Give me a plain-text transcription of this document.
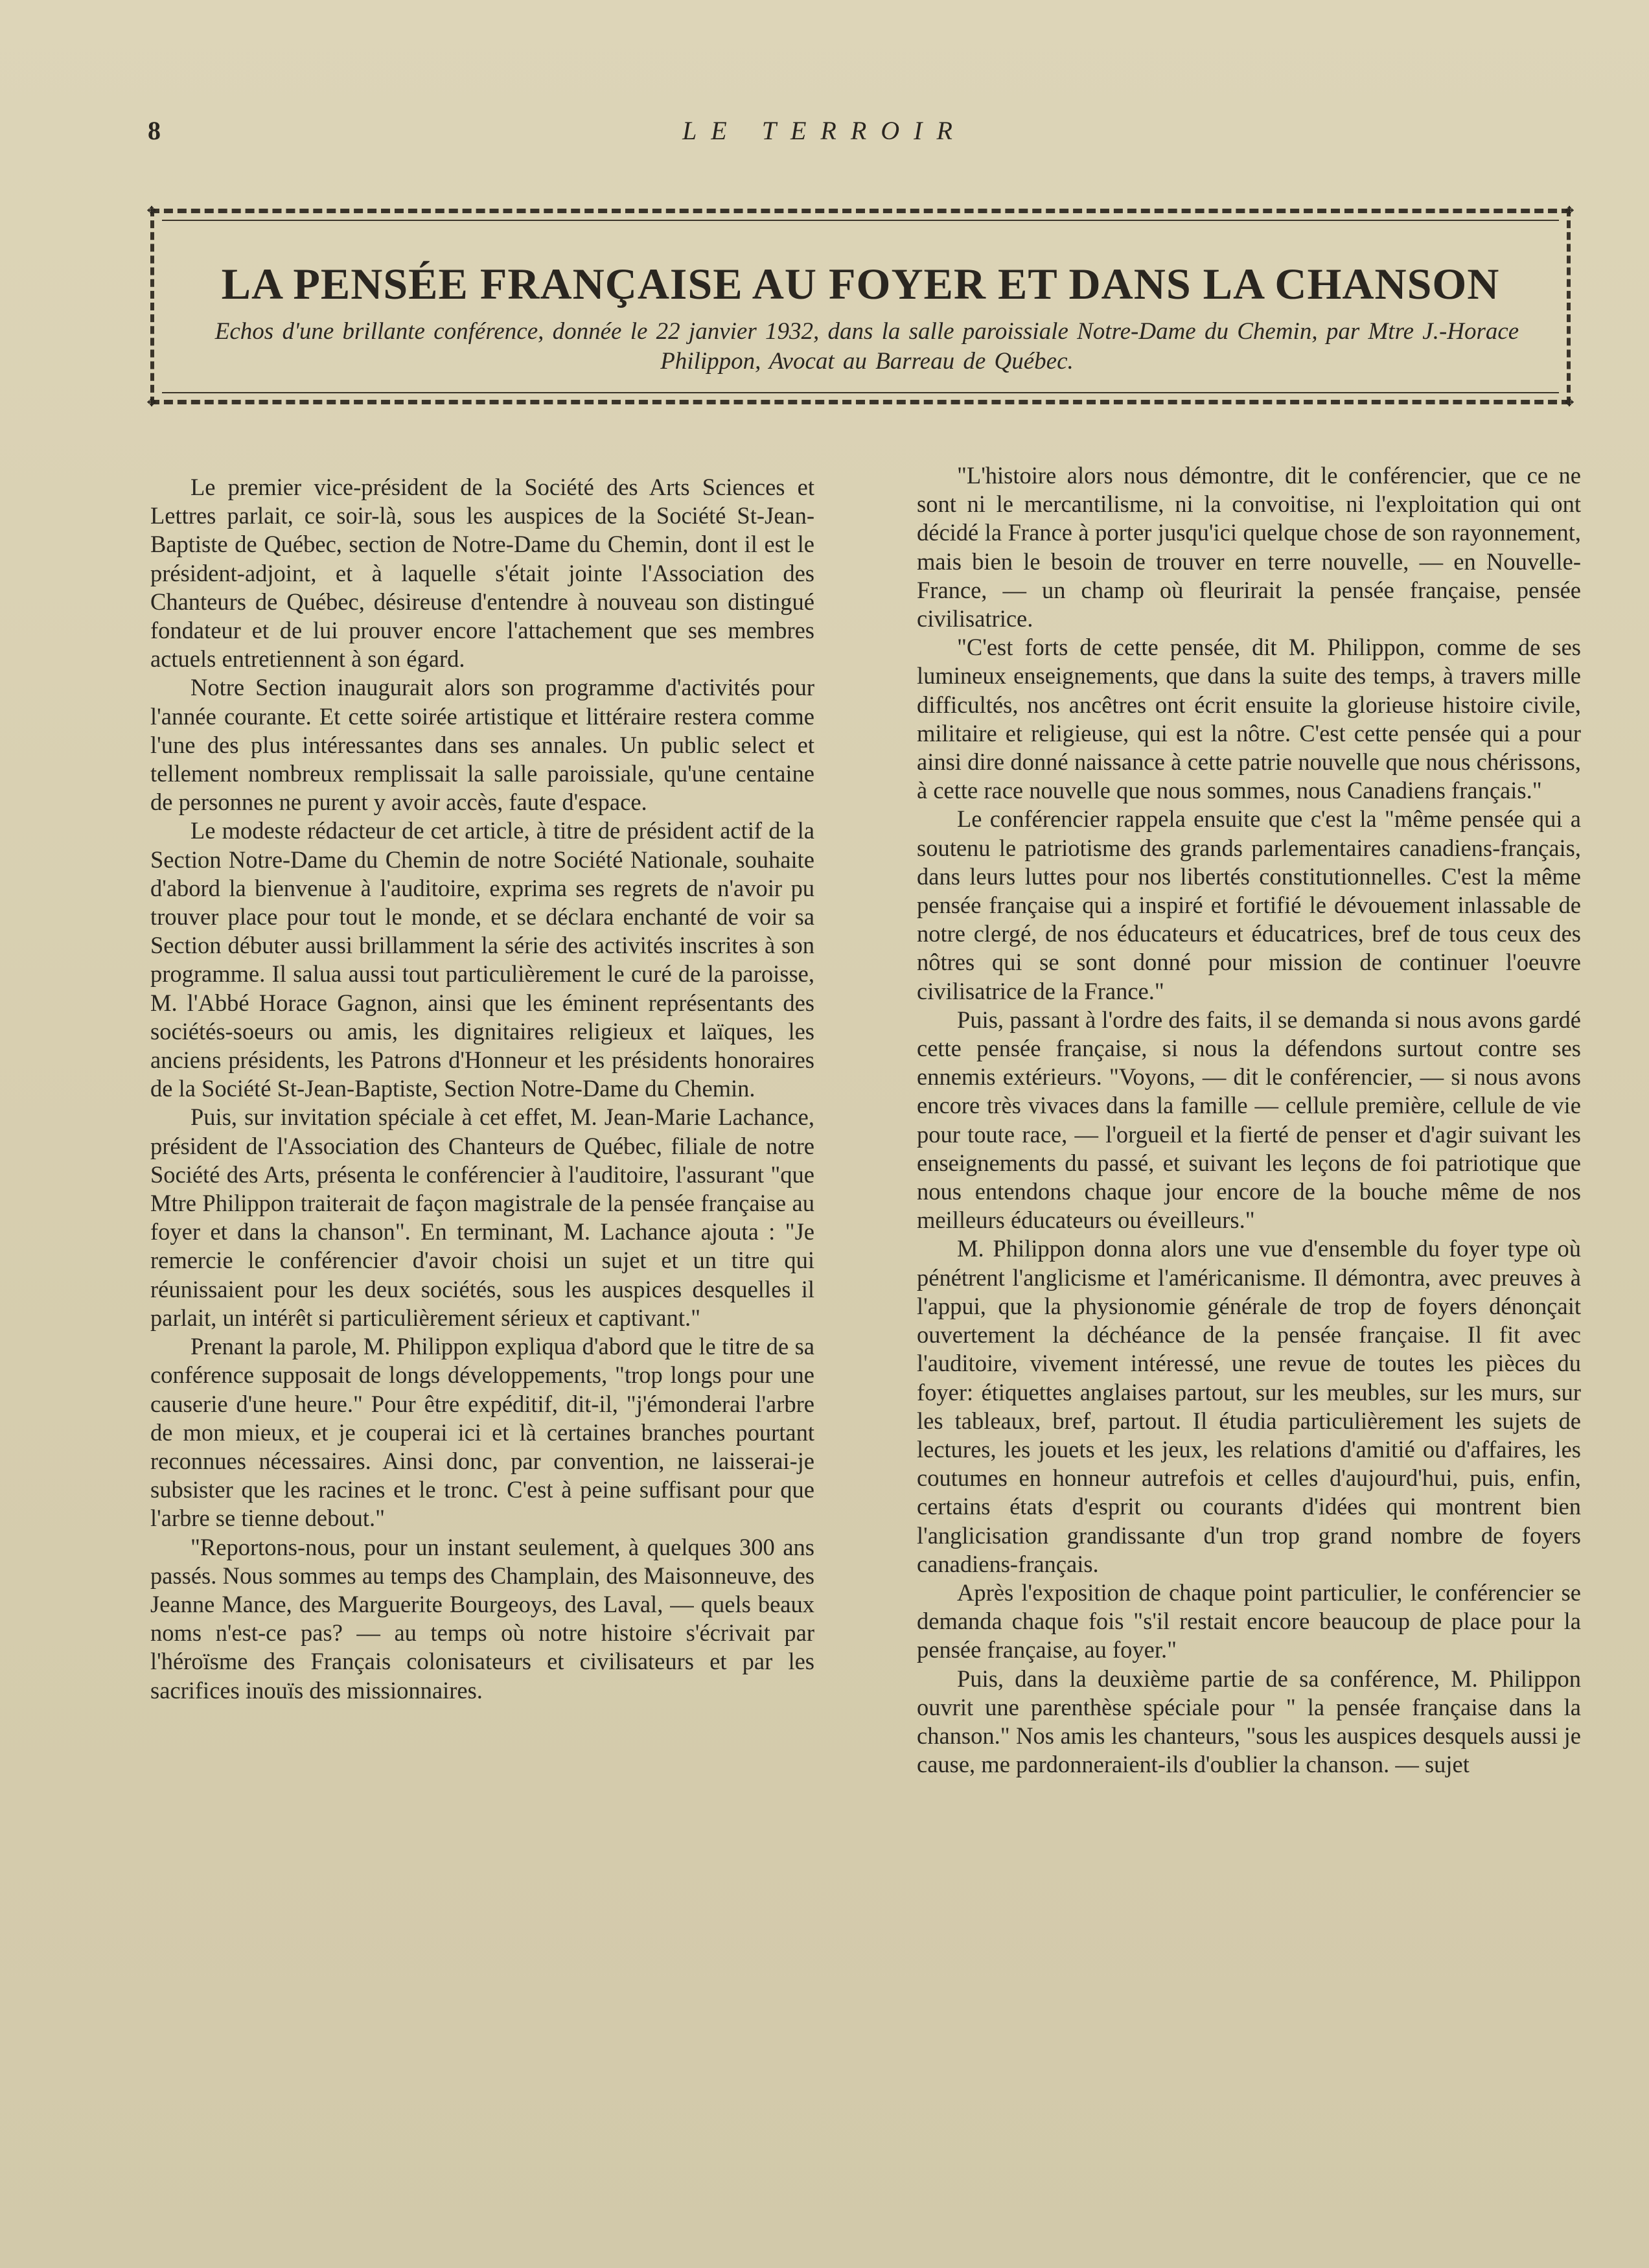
8	LE TERROIR
✥	✥
✥	✥
LA PENSÉE FRANÇAISE AU FOYER ET DANS LA CHANSON

Echos d'une brillante conférence, donnée le 22 janvier 1932, dans la salle paroissiale Notre-Dame du Chemin, par Mtre J.-Horace Philippon, Avocat au Barreau de Québec.

Le premier vice-président de la Société des Arts Sciences et Lettres parlait, ce soir-là, sous les auspices de la Société St-Jean-Baptiste de Québec, section de Notre-Dame du Chemin, dont il est le président-adjoint, et à laquelle s'était jointe l'Association des Chanteurs de Québec, désireuse d'entendre à nouveau son distingué fondateur et de lui prouver encore l'attachement que ses membres actuels entretiennent à son égard.

Notre Section inaugurait alors son programme d'activités pour l'année courante. Et cette soirée artistique et littéraire restera comme l'une des plus intéressantes dans ses annales. Un public select et tellement nombreux remplissait la salle paroissiale, qu'une centaine de personnes ne purent y avoir accès, faute d'espace.

Le modeste rédacteur de cet article, à titre de président actif de la Section Notre-Dame du Chemin de notre Société Nationale, souhaite d'abord la bienvenue à l'auditoire, exprima ses regrets de n'avoir pu trouver place pour tout le monde, et se déclara enchanté de voir sa Section débuter aussi brillamment la série des activités inscrites à son programme. Il salua aussi tout particulièrement le curé de la paroisse, M. l'Abbé Horace Gagnon, ainsi que les éminent représentants des sociétés-soeurs ou amis, les dignitaires religieux et laïques, les anciens présidents, les Patrons d'Honneur et les présidents honoraires de la Société St-Jean-Baptiste, Section Notre-Dame du Chemin.

Puis, sur invitation spéciale à cet effet, M. Jean-Marie Lachance, président de l'Association des Chanteurs de Québec, filiale de notre Société des Arts, présenta le conférencier à l'auditoire, l'assurant "que Mtre Philippon traiterait de façon magistrale de la pensée française au foyer et dans la chanson". En terminant, M. Lachance ajouta : "Je remercie le conférencier d'avoir choisi un sujet et un titre qui réunissaient pour les deux sociétés, sous les auspices desquelles il parlait, un intérêt si particulièrement sérieux et captivant."

Prenant la parole, M. Philippon expliqua d'abord que le titre de sa conférence supposait de longs développements, "trop longs pour une causerie d'une heure." Pour être expéditif, dit-il, "j'émonderai l'arbre de mon mieux, et je couperai ici et là certaines branches pourtant reconnues nécessaires. Ainsi donc, par convention, ne laisserai-je subsister que les racines et le tronc. C'est à peine suffisant pour que l'arbre se tienne debout."

"Reportons-nous, pour un instant seulement, à quelques 300 ans passés. Nous sommes au temps des Champlain, des Maisonneuve, des Jeanne Mance, des Marguerite Bourgeoys, des Laval, — quels beaux noms n'est-ce pas? — au temps où notre histoire s'écrivait par l'héroïsme des Français colonisateurs et civilisateurs et par les sacrifices inouïs des missionnaires.

"L'histoire alors nous démontre, dit le conférencier, que ce ne sont ni le mercantilisme, ni la convoitise, ni l'exploitation qui ont décidé la France à porter jusqu'ici quelque chose de son rayonnement, mais bien le besoin de trouver en terre nouvelle, — en Nouvelle-France, — un champ où fleurirait la pensée française, pensée civilisatrice.

"C'est forts de cette pensée, dit M. Philippon, comme de ses lumineux enseignements, que dans la suite des temps, à travers mille difficultés, nos ancêtres ont écrit ensuite la glorieuse histoire civile, militaire et religieuse, qui est la nôtre. C'est cette pensée qui a pour ainsi dire donné naissance à cette patrie nouvelle que nous chérissons, à cette race nouvelle que nous sommes, nous Canadiens français."

Le conférencier rappela ensuite que c'est la "même pensée qui a soutenu le patriotisme des grands parlementaires canadiens-français, dans leurs luttes pour nos libertés constitutionnelles. C'est la même pensée française qui a inspiré et fortifié le dévouement inlassable de notre clergé, de nos éducateurs et éducatrices, bref de tous ceux des nôtres qui se sont donné pour mission de continuer l'oeuvre civilisatrice de la France."

Puis, passant à l'ordre des faits, il se demanda si nous avons gardé cette pensée française, si nous la défendons surtout contre ses ennemis extérieurs. "Voyons, — dit le conférencier, — si nous avons encore très vivaces dans la famille — cellule première, cellule de vie pour toute race, — l'orgueil et la fierté de penser et d'agir suivant les enseignements du passé, et suivant les leçons de foi patriotique que nous entendons chaque jour encore de la bouche même de nos meilleurs éducateurs ou éveilleurs."

M. Philippon donna alors une vue d'ensemble du foyer type où pénétrent l'anglicisme et l'américanisme. Il démontra, avec preuves à l'appui, que la physionomie générale de trop de foyers dénonçait ouvertement la déchéance de la pensée française. Il fit avec l'auditoire, vivement intéressé, une revue de toutes les pièces du foyer: étiquettes anglaises partout, sur les meubles, sur les murs, sur les tableaux, bref, partout. Il étudia particulièrement les sujets de lectures, les jouets et les jeux, les relations d'amitié ou d'affaires, les coutumes en honneur autrefois et celles d'aujourd'hui, puis, enfin, certains états d'esprit ou courants d'idées qui montrent bien l'anglicisation grandissante d'un trop grand nombre de foyers canadiens-français.

Après l'exposition de chaque point particulier, le conférencier se demanda chaque fois "s'il restait encore beaucoup de place pour la pensée française, au foyer."

Puis, dans la deuxième partie de sa conférence, M. Philippon ouvrit une parenthèse spéciale pour " la pensée française dans la chanson." Nos amis les chanteurs, "sous les auspices desquels aussi je cause, me pardonneraient-ils d'oublier la chanson. — sujet
